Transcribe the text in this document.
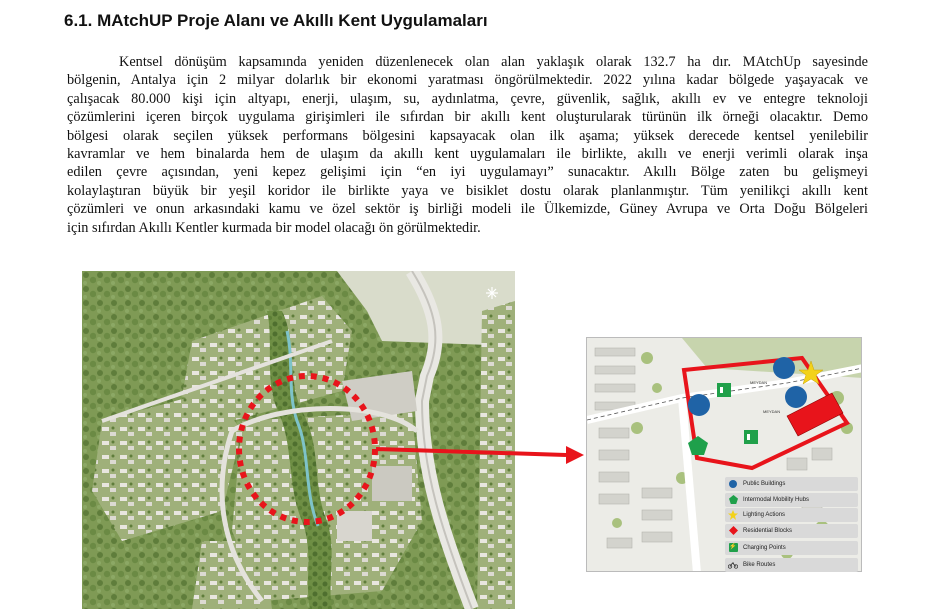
6.1. MAtchUP Proje Alanı ve Akıllı Kent Uygulamaları
Kentsel dönüşüm kapsamında yeniden düzenlenecek olan alan yaklaşık olarak 132.7 ha dır. MAtchUp sayesinde
bölgenin, Antalya için 2 milyar dolarlık bir ekonomi yaratması öngörülmektedir. 2022 yılına kadar bölgede yaşayacak ve
çalışacak 80.000 kişi için altyapı, enerji, ulaşım, su, aydınlatma, çevre, güvenlik, sağlık, akıllı ev ve entegre teknoloji
çözümlerini içeren birçok uygulama girişimleri ile sıfırdan bir akıllı kent oluşturularak türünün ilk örneği olacaktır. Demo
bölgesi olarak seçilen yüksek performans bölgesini kapsayacak olan ilk aşama; yüksek derecede kentsel yenilebilir
kavramlar ve hem binalarda hem de ulaşım da akıllı kent uygulamaları ile birlikte, akıllı ve enerji verimli olarak inşa
edilen çevre açısından, yeni kepez gelişimi için “en iyi uygulamayı” sunacaktır. Akıllı Bölge zaten bu gelişmeyi
kolaylaştıran büyük bir yeşil koridor ile birlikte yaya ve bisiklet dostu olarak planlanmıştır. Tüm yenilikçi akıllı kent
çözümleri ve onun arkasındaki kamu ve özel sektör iş birliği modeli ile Ülkemizde, Güney Avrupa ve Orta Doğu Bölgeleri
için sıfırdan Akıllı Kentler kurmada bir model olacağı ön görülmektedir.
MEYDAN
MEYDAN
Public Buildings
Intermodal Mobility Hubs
Lighting Actions
Residential Blocks
⚡ Charging Points
Bike Routes
